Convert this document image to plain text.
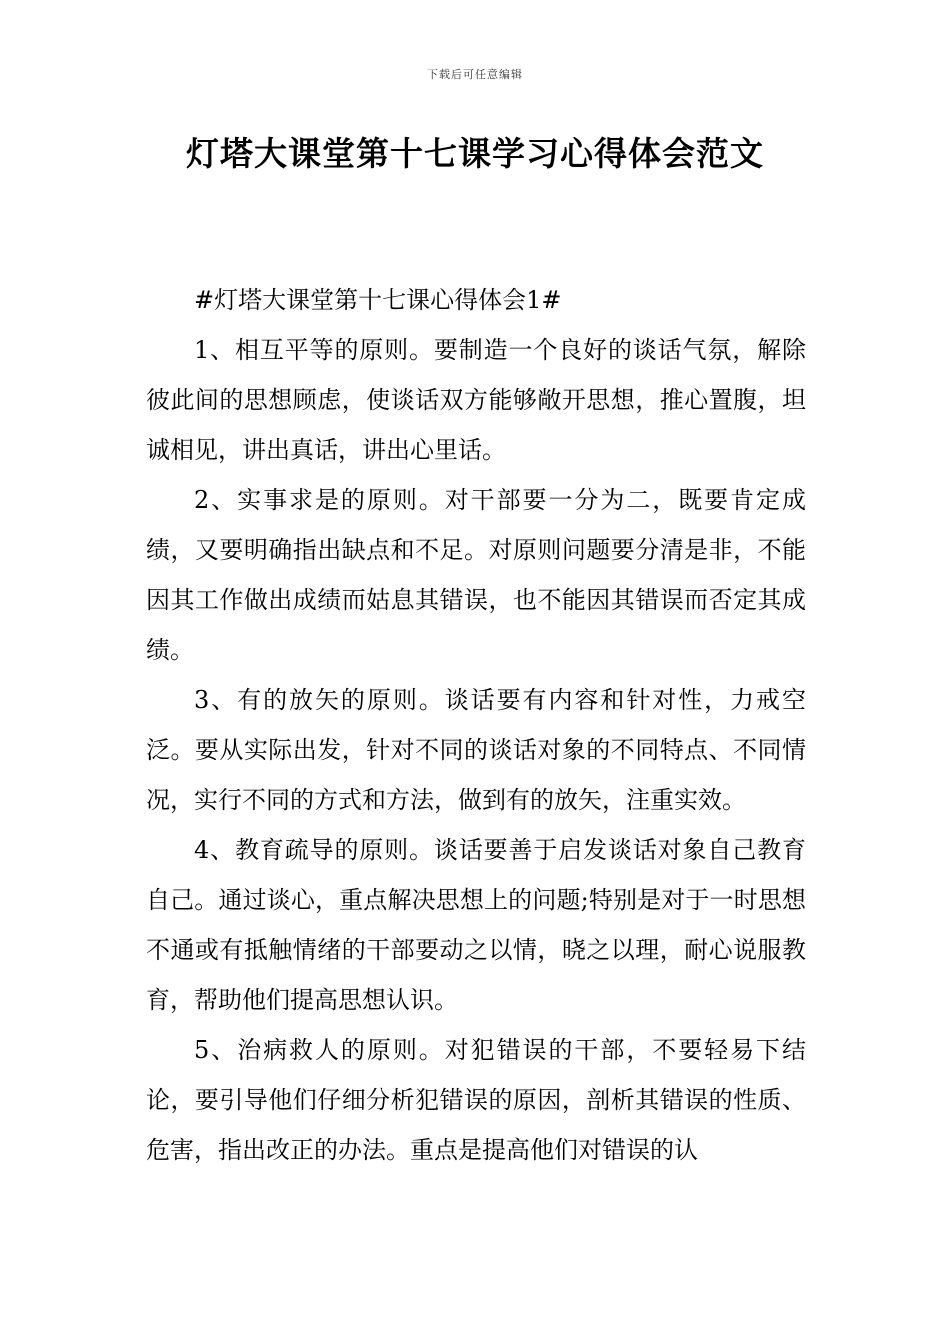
下载后可任意编辑
灯塔大课堂第十七课学习心得体会范文

#灯塔大课堂第十七课心得体会1#

1、相互平等的原则。要制造一个良好的谈话气氛，解除彼此间的思想顾虑，使谈话双方能够敞开思想，推心置腹，坦诚相见，讲出真话，讲出心里话。

2、实事求是的原则。对干部要一分为二，既要肯定成绩，又要明确指出缺点和不足。对原则问题要分清是非，不能因其工作做出成绩而姑息其错误，也不能因其错误而否定其成绩。

3、有的放矢的原则。谈话要有内容和针对性，力戒空泛。要从实际出发，针对不同的谈话对象的不同特点、不同情况，实行不同的方式和方法，做到有的放矢，注重实效。

4、教育疏导的原则。谈话要善于启发谈话对象自己教育自己。通过谈心，重点解决思想上的问题;特别是对于一时思想不通或有抵触情绪的干部要动之以情，晓之以理，耐心说服教育，帮助他们提高思想认识。

5、治病救人的原则。对犯错误的干部，不要轻易下结论，要引导他们仔细分析犯错误的原因，剖析其错误的性质、危害，指出改正的办法。重点是提高他们对错误的认
